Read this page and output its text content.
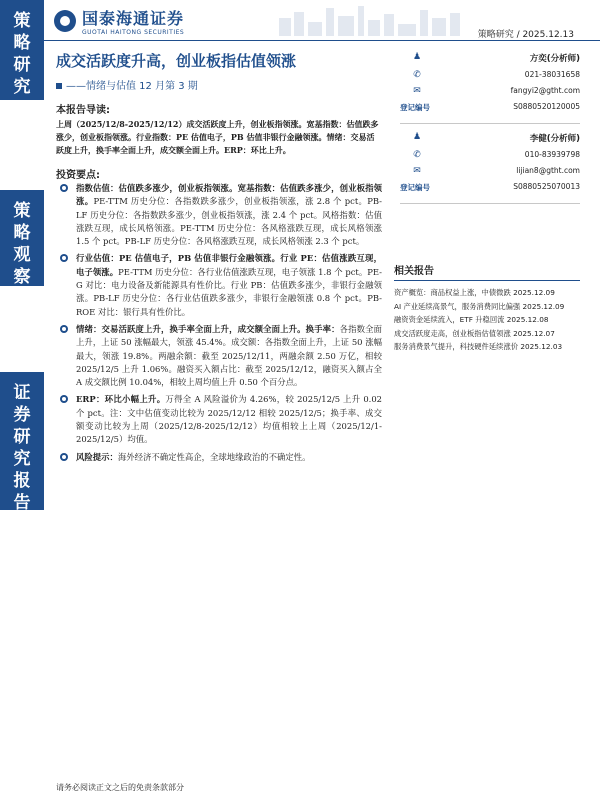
策
略
研
究
策
略
观
察
证
券
研
究
报
告
国泰海通证券
GUOTAI HAITONG SECURITIES	策略研究 / 2025.12.13
成交活跃度升高，创业板指估值领涨
——情绪与估值 12 月第 3 期
本报告导读:
上周（2025/12/8-2025/12/12）成交活跃度上升，创业板指领涨。宽基指数：估值跌多涨少，创业板指领涨。行业指数：PE 估值电子，PB 估值非银行金融领涨。情绪：交易活跃度上升，换手率全面上升，成交额全面上升。ERP：环比上升。
投资要点:
指数估值：估值跌多涨少，创业板指领涨。宽基指数：估值跌多涨少，创业板指领涨。PE-TTM 历史分位：各指数跌多涨少，创业板指领涨，涨 2.8 个 pct。PB-LF 历史分位：各指数跌多涨少，创业板指领涨，涨 2.4 个 pct。风格指数：估值涨跌互现，成长风格领涨。PE-TTM 历史分位：各风格涨跌互现，成长风格领涨 1.5 个 pct。PB-LF 历史分位：各风格涨跌互现，成长风格领涨 2.3 个 pct。
行业估值：PE 估值电子，PB 估值非银行金融领涨。行业 PE：估值涨跌互现，电子领涨。PE-TTM 历史分位：各行业估值涨跌互现，电子领涨 1.8 个 pct。PE-G 对比：电力设备及新能源具有性价比。行业 PB：估值跌多涨少，非银行金融领涨。PB-LF 历史分位：各行业估值跌多涨少，非银行金融领涨 0.8 个 pct。PB-ROE 对比：银行具有性价比。
情绪：交易活跃度上升，换手率全面上升，成交额全面上升。换手率：各指数全面上升，上证 50 涨幅最大，领涨 45.4%。成交额：各指数全面上升，上证 50 涨幅最大，领涨 19.8%。两融余额：截至 2025/12/11，两融余额 2.50 万亿，相较 2025/12/5 上升 1.06%。融资买入额占比：截至 2025/12/12，融资买入额占全 A 成交额比例 10.04%，相较上周均值上升 0.50 个百分点。
ERP：环比小幅上升。万得全 A 风险溢价为 4.26%，较 2025/12/5 上升 0.02 个 pct。注：文中估值变动比较为 2025/12/12 相较 2025/12/5；换手率、成交额变动比较为上周（2025/12/8-2025/12/12）均值相较上上周（2025/12/1-2025/12/5）均值。
风险提示：海外经济不确定性高企，全球地缘政治的不确定性。
♟	方奕(分析师)
✆	021-38031658
✉	fangyi2@gtht.com
登记编号	S0880520120005
♟	李健(分析师)
✆	010-83939798
✉	lijian8@gtht.com
登记编号	S0880525070013
相关报告
资产概览：商品权益上涨，中债微跌 2025.12.09
AI 产业延续高景气，服务消费同比偏强 2025.12.09
融资资金延续流入，ETF 升稳回流 2025.12.08
成交活跃度走高，创业板指估值领涨 2025.12.07
服务消费景气提升，科技硬件延续涨价 2025.12.03
请务必阅读正文之后的免责条款部分
